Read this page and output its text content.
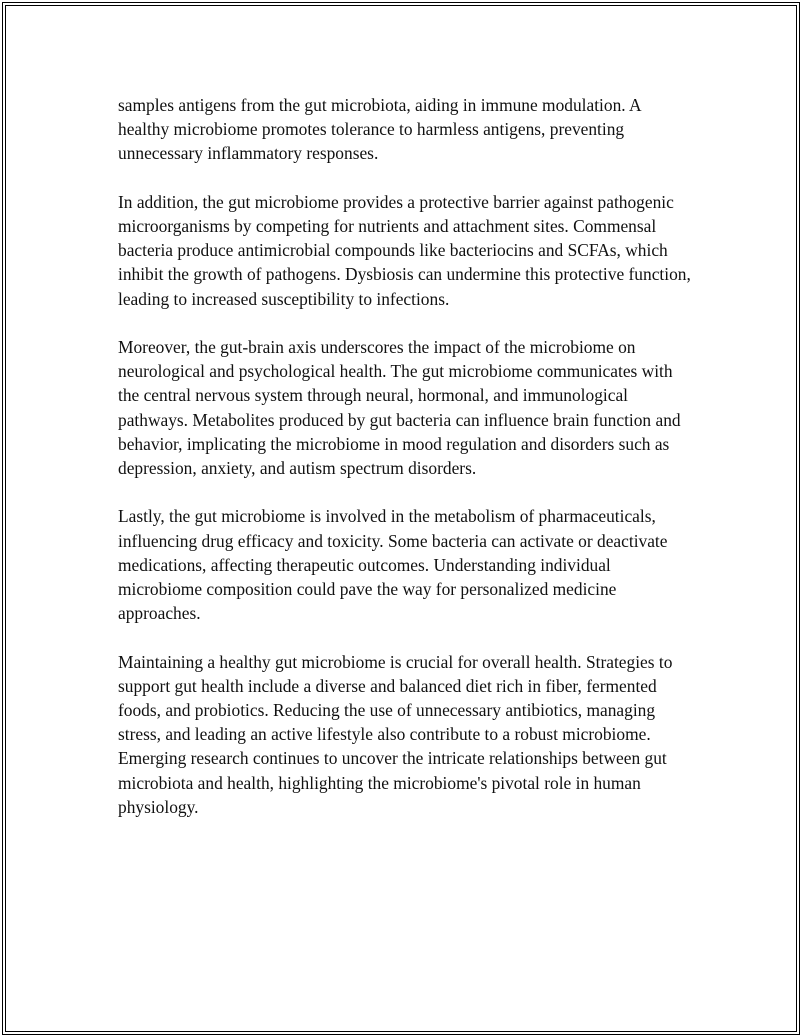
samples antigens from the gut microbiota, aiding in immune modulation. A healthy microbiome promotes tolerance to harmless antigens, preventing unnecessary inflammatory responses.

In addition, the gut microbiome provides a protective barrier against pathogenic microorganisms by competing for nutrients and attachment sites. Commensal bacteria produce antimicrobial compounds like bacteriocins and SCFAs, which inhibit the growth of pathogens. Dysbiosis can undermine this protective function, leading to increased susceptibility to infections.

Moreover, the gut-brain axis underscores the impact of the microbiome on neurological and psychological health. The gut microbiome communicates with the central nervous system through neural, hormonal, and immunological pathways. Metabolites produced by gut bacteria can influence brain function and behavior, implicating the microbiome in mood regulation and disorders such as depression, anxiety, and autism spectrum disorders.

Lastly, the gut microbiome is involved in the metabolism of pharmaceuticals, influencing drug efficacy and toxicity. Some bacteria can activate or deactivate medications, affecting therapeutic outcomes. Understanding individual microbiome composition could pave the way for personalized medicine approaches.

Maintaining a healthy gut microbiome is crucial for overall health. Strategies to support gut health include a diverse and balanced diet rich in fiber, fermented foods, and probiotics. Reducing the use of unnecessary antibiotics, managing stress, and leading an active lifestyle also contribute to a robust microbiome. Emerging research continues to uncover the intricate relationships between gut microbiota and health, highlighting the microbiome's pivotal role in human physiology.
